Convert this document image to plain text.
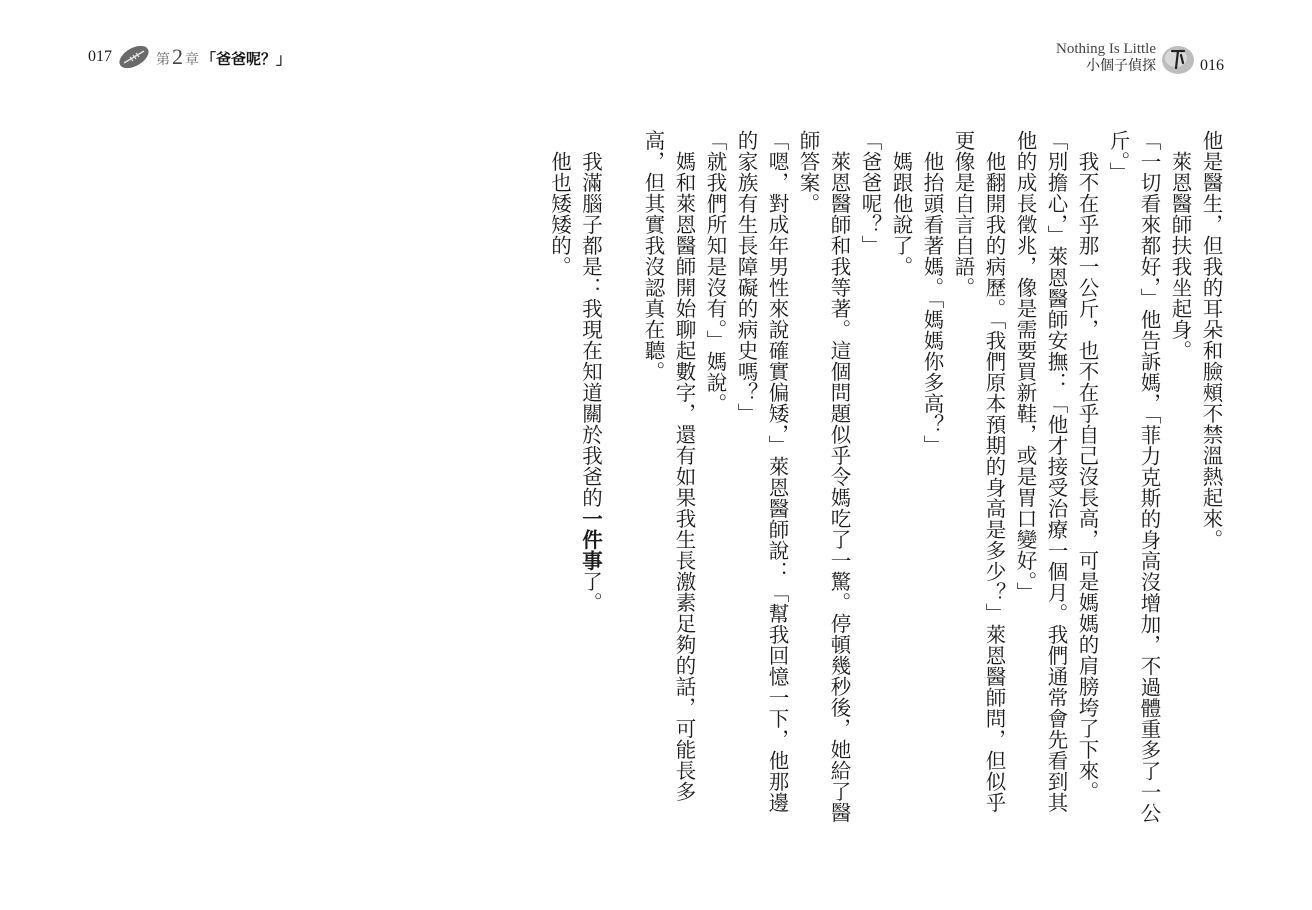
017	第 2 章 「爸爸呢？」
Nothing Is Little
小個子偵探	016

他是醫生，但我的耳朵和臉頰不禁溫熱起來。

　萊恩醫師扶我坐起身。

「一切看來都好，」他告訴媽，「菲力克斯的身高沒增加，不過體重多了一公斤。」

　我不在乎那一公斤，也不在乎自己沒長高，可是媽媽的肩膀垮了下來。

「別擔心，」萊恩醫師安撫：「他才接受治療一個月。我們通常會先看到其他的成長徵兆，像是需要買新鞋，或是胃口變好。」

　他翻開我的病歷。「我們原本預期的身高是多少？」萊恩醫師問，但似乎更像是自言自語。

　他抬頭看著媽。「媽媽你多高？」

　媽跟他說了。

「爸爸呢？」

　萊恩醫師和我等著。這個問題似乎令媽吃了一驚。停頓幾秒後，她給了醫師答案。

「嗯，對成年男性來說確實偏矮，」萊恩醫師說：「幫我回憶一下，他那邊的家族有生長障礙的病史嗎？」

「就我們所知是沒有。」媽說。

　媽和萊恩醫師開始聊起數字，還有如果我生長激素足夠的話，可能長多高，但其實我沒認真在聽。

　我滿腦子都是：我現在知道關於我爸的一件事了。

　他也矮矮的。
